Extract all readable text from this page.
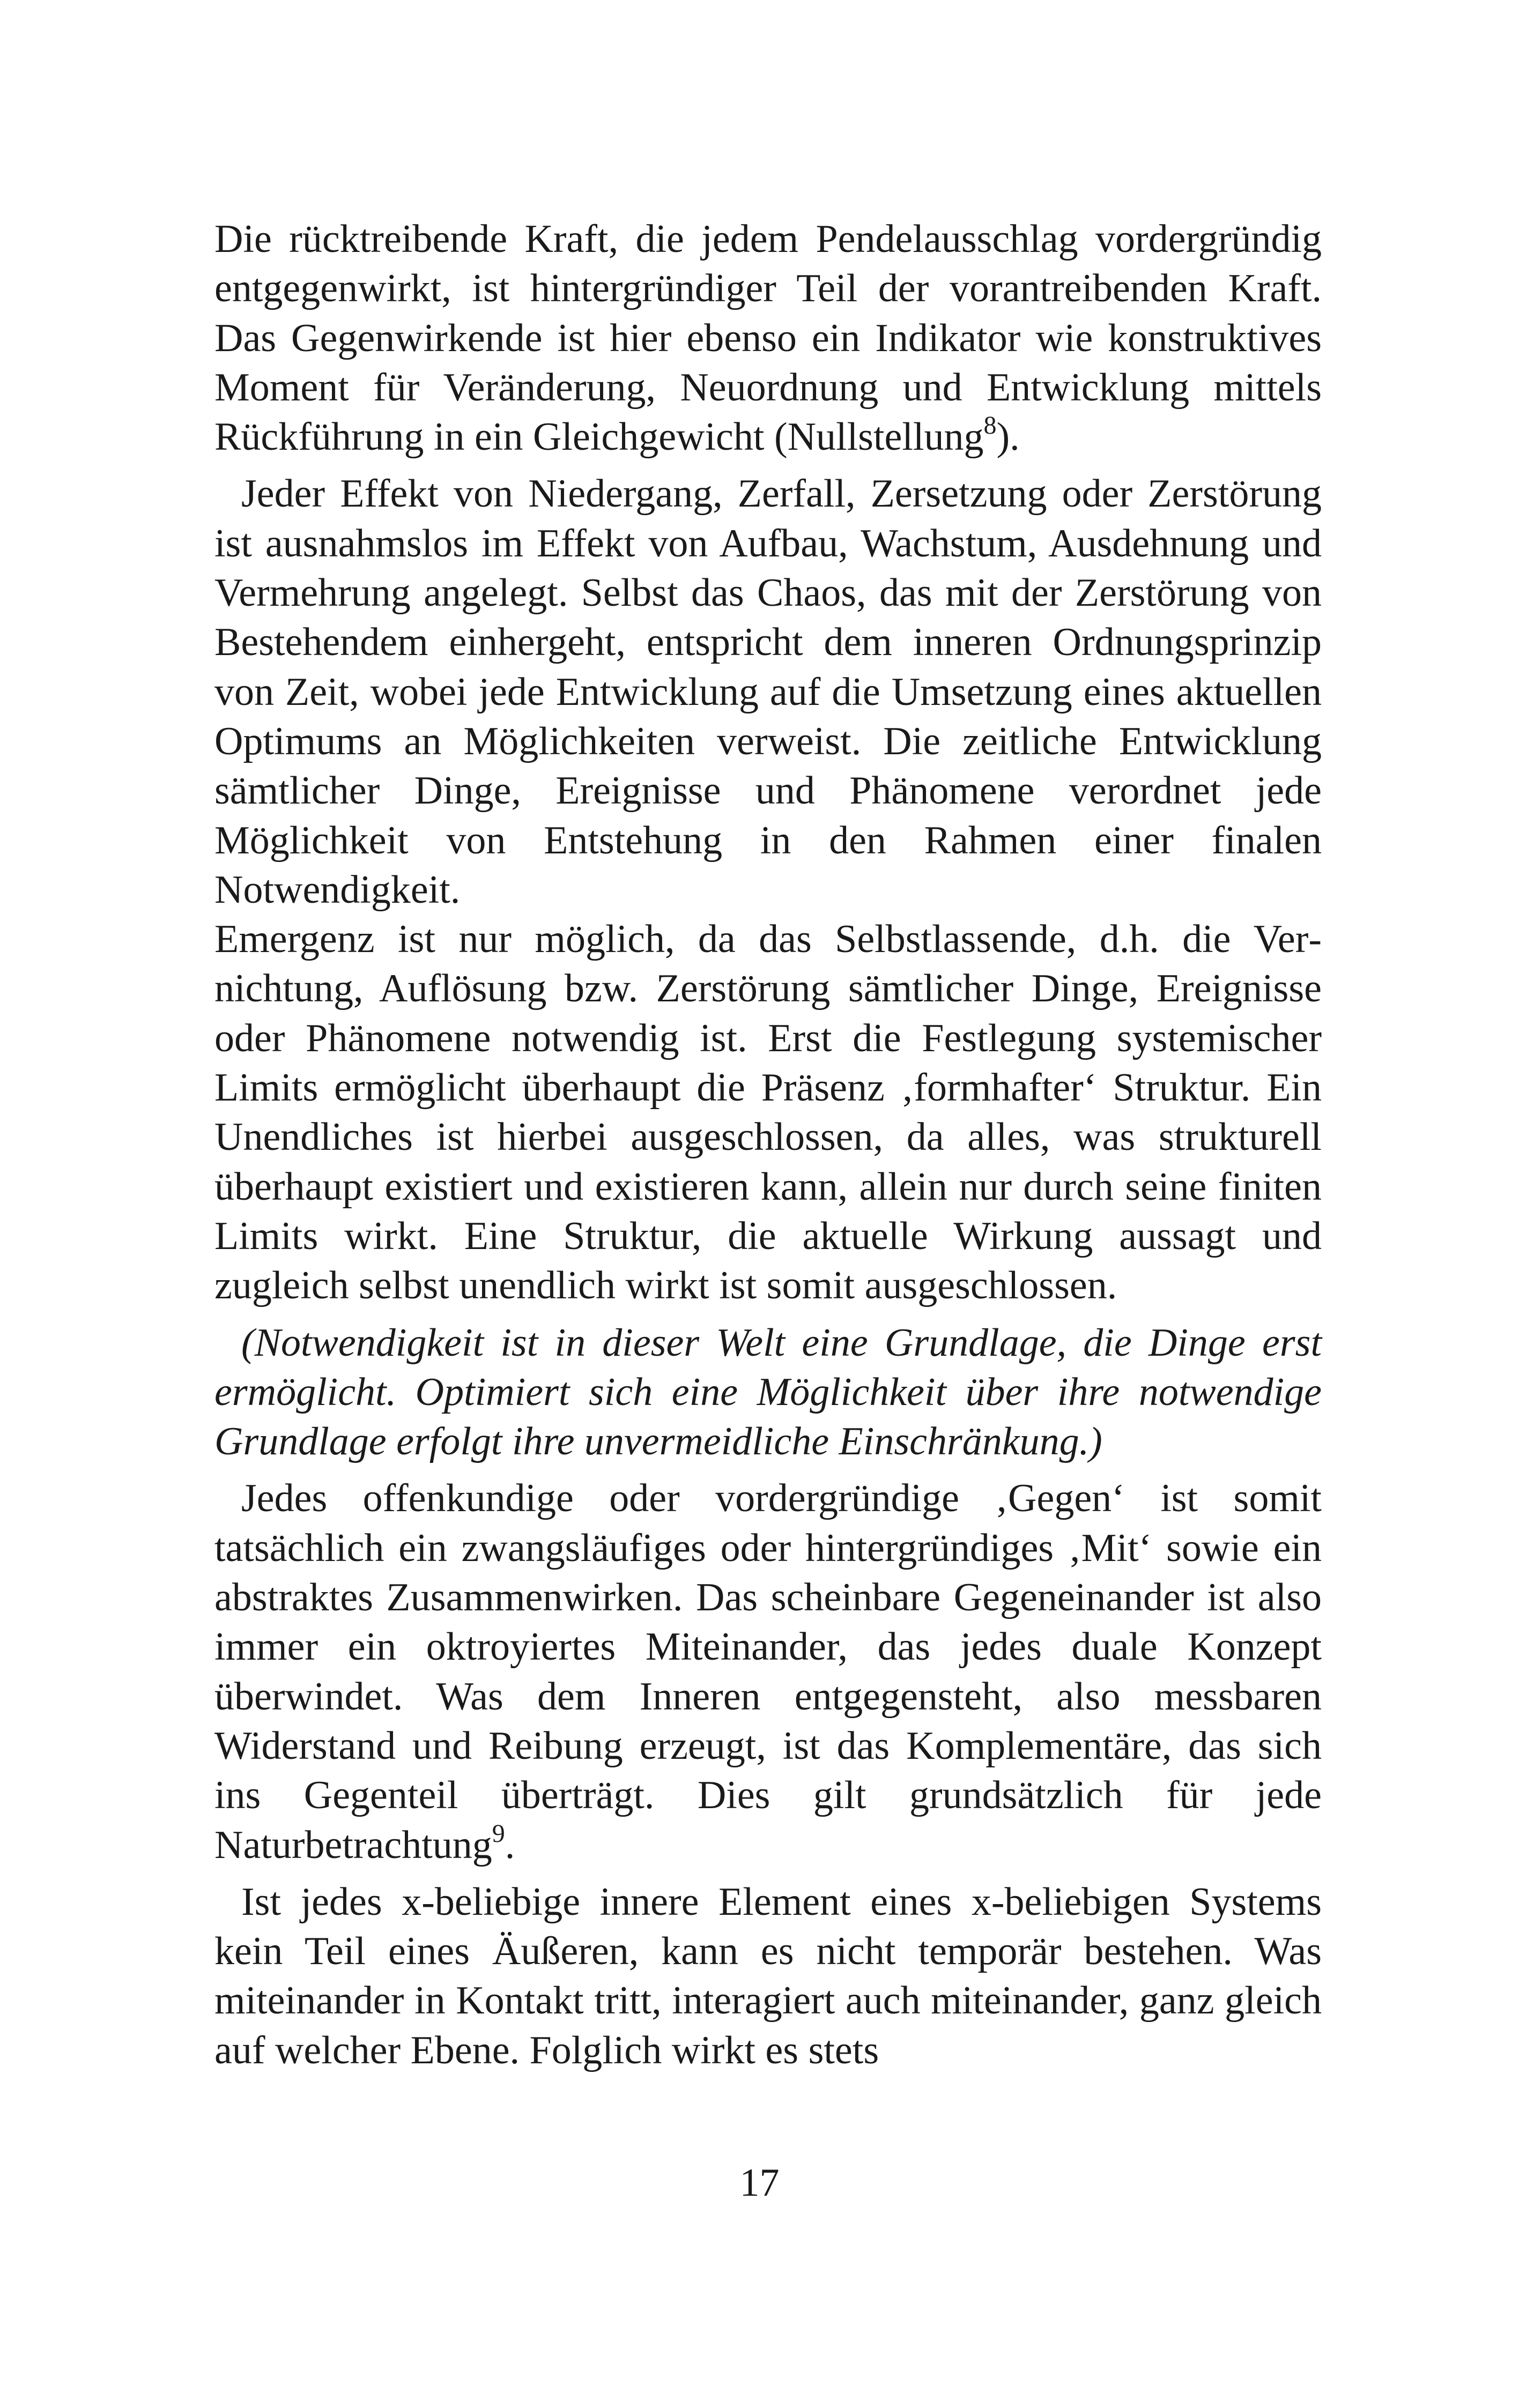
Die rücktreibende Kraft, die jedem Pendelausschlag vordergründig entgegenwirkt, ist hintergründiger Teil der vorantreibenden Kraft. Das Gegenwirkende ist hier ebenso ein Indikator wie konstruktives Moment für Veränderung, Neuordnung und Entwicklung mittels Rückführung in ein Gleichgewicht (Nullstellung$^8$).

Jeder Effekt von Niedergang, Zerfall, Zersetzung oder Zerstörung ist ausnahmslos im Effekt von Aufbau, Wachstum, Ausdehnung und Vermehrung angelegt. Selbst das Chaos, das mit der Zerstörung von Bestehendem einhergeht, entspricht dem inneren Ordnungsprinzip von Zeit, wobei jede Entwicklung auf die Umsetzung eines aktuellen Optimums an Möglichkeiten verweist. Die zeitliche Entwicklung sämtlicher Dinge, Ereignisse und Phänomene verordnet jede Möglichkeit von Entstehung in den Rahmen einer finalen Notwendigkeit.

Emergenz ist nur möglich, da das Selbstlassende, d.h. die Vernichtung, Auflösung bzw. Zerstörung sämtlicher Dinge, Ereignisse oder Phänomene notwendig ist. Erst die Festlegung systemischer Limits ermöglicht überhaupt die Präsenz ‚formhafter‘ Struktur. Ein Unendliches ist hierbei ausgeschlossen, da alles, was strukturell überhaupt existiert und existieren kann, allein nur durch seine finiten Limits wirkt. Eine Struktur, die aktuelle Wirkung aussagt und zugleich selbst unendlich wirkt ist somit ausgeschlossen.

(Notwendigkeit ist in dieser Welt eine Grundlage, die Dinge erst ermöglicht. Optimiert sich eine Möglichkeit über ihre notwendige Grundlage erfolgt ihre unvermeidliche Einschränkung.)

Jedes offenkundige oder vordergründige ‚Gegen‘ ist somit tatsächlich ein zwangsläufiges oder hintergründiges ‚Mit‘ sowie ein abstraktes Zusammenwirken. Das scheinbare Gegeneinander ist also immer ein oktroyiertes Miteinander, das jedes duale Konzept überwindet. Was dem Inneren entgegensteht, also messbaren Widerstand und Reibung erzeugt, ist das Komplementäre, das sich ins Gegenteil überträgt. Dies gilt grundsätzlich für jede Naturbetrachtung$^9$.

Ist jedes x-beliebige innere Element eines x-beliebigen Systems kein Teil eines Äußeren, kann es nicht temporär bestehen. Was miteinander in Kontakt tritt, interagiert auch miteinander, ganz gleich auf welcher Ebene. Folglich wirkt es stets

17
